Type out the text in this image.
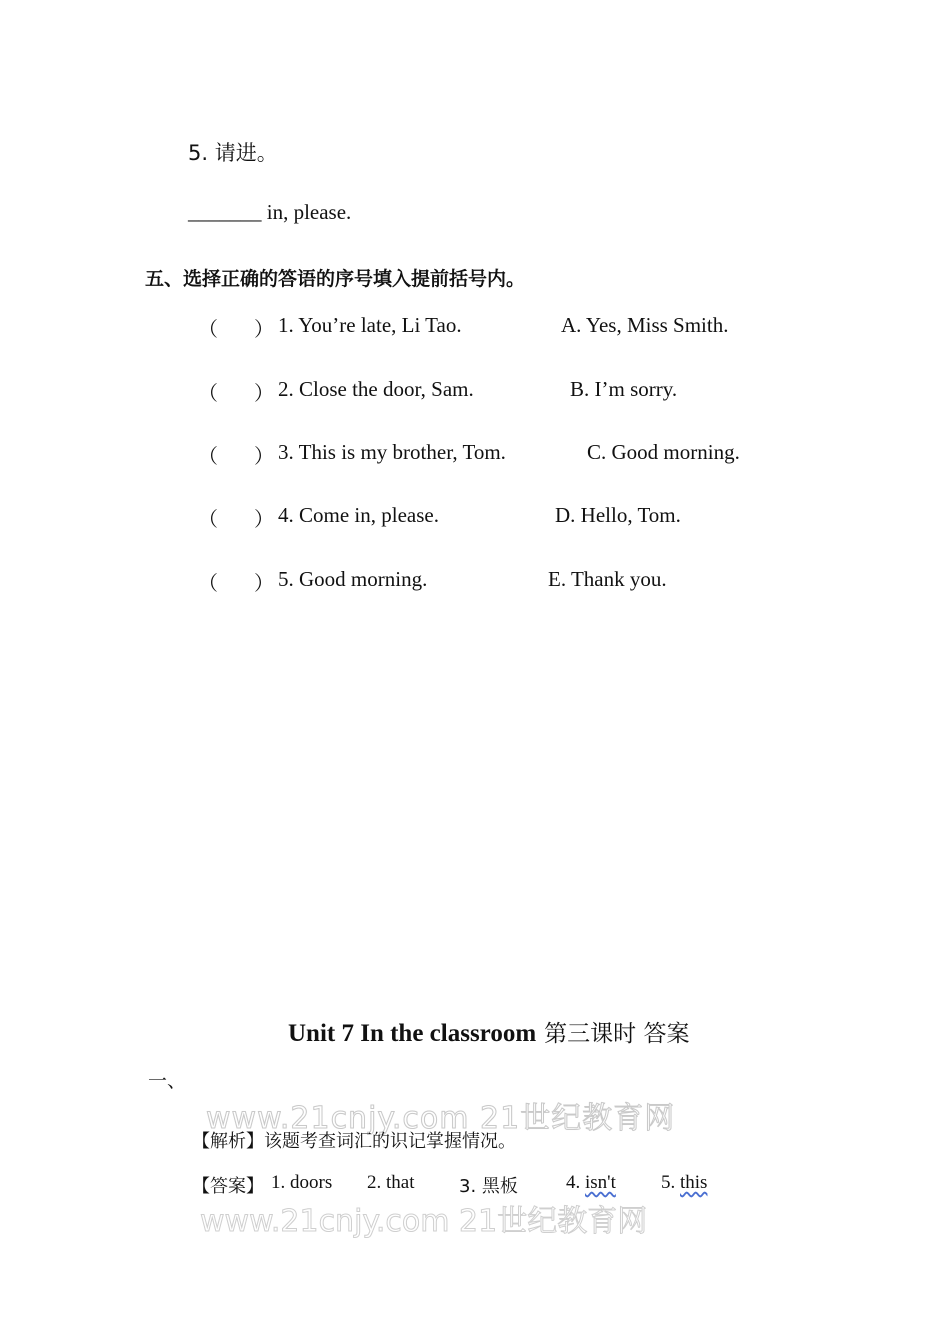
5. 请进。
_______ in, please.
五、选择正确的答语的序号填入提前括号内。
（ ） 1. You’re late, Li Tao.	A. Yes, Miss Smith.
（ ） 2. Close the door, Sam.	B. I’m sorry.
（ ） 3. This is my brother, Tom.	C. Good morning.
（ ） 4. Come in, please.	D. Hello, Tom.
（ ） 5. Good morning.	E. Thank you.
Unit 7 In the classroom 第三课时 答案
一、
www.21cnjy.com 21世纪教育网
【解析】该题考查词汇的识记掌握情况。
【答案】 1. doors 2. that 3. 黑板	4. isn't 5. this
www.21cnjy.com 21世纪教育网
